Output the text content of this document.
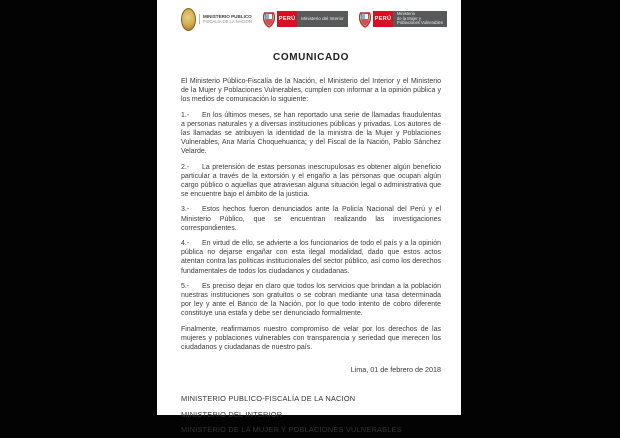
MINISTERIO PUBLICO
FISCALIA DE LA NACION	PERÚ	Ministerio del Interior	PERÚ
Ministerio
de la Mujer y
Poblaciones Vulnerables
COMUNICADO

El Ministerio Público-Fiscalía de la Nación, el Ministerio del Interior y el Ministerio de la Mujer y Poblaciones Vulnerables, cumplen con informar a la opinión pública y los medios de comunicación lo siguiente:

1.- En los últimos meses, se han reportado una serie de llamadas fraudulentas a personas naturales y a diversas instituciones públicas y privadas. Los autores de las llamadas se atribuyen la identidad de la ministra de la Mujer y Poblaciones Vulnerables, Ana María Choquehuanca; y del Fiscal de la Nación, Pablo Sánchez Velarde.

2.- La pretensión de estas personas inescrupulosas es obtener algún beneficio particular a través de la extorsión y el engaño a las personas que ocupan algún cargo público o aquellas que atraviesan alguna situación legal o administrativa que se encuentre bajo el ámbito de la justicia.

3.- Estos hechos fueron denunciados ante la Policía Nacional del Perú y el Ministerio Público, que se encuentran realizando las investigaciones correspondientes.

4.- En virtud de ello, se advierte a los funcionarios de todo el país y a la opinión pública no dejarse engañar con esta ilegal modalidad, dado que estos actos atentan contra las políticas institucionales del sector público, así como los derechos fundamentales de todos los ciudadanos y ciudadanas.

5.- Es preciso dejar en claro que todos los servicios que brindan a la población nuestras instituciones son gratuitos o se cobran mediante una tasa determinada por ley y ante el Banco de la Nación, por lo que todo intento de cobro diferente constituye una estafa y debe ser denunciado formalmente.

Finalmente, reafirmamos nuestro compromiso de velar por los derechos de las mujeres y poblaciones vulnerables con transparencia y seriedad que merecen los ciudadanos y ciudadanas de nuestro país.

Lima, 01 de febrero de 2018
MINISTERIO PUBLICO-FISCALÍA DE LA NACION
MINISTERIO DEL INTERIOR
MINISTERIO DE LA MUJER Y POBLACIONES VULNERABLES
